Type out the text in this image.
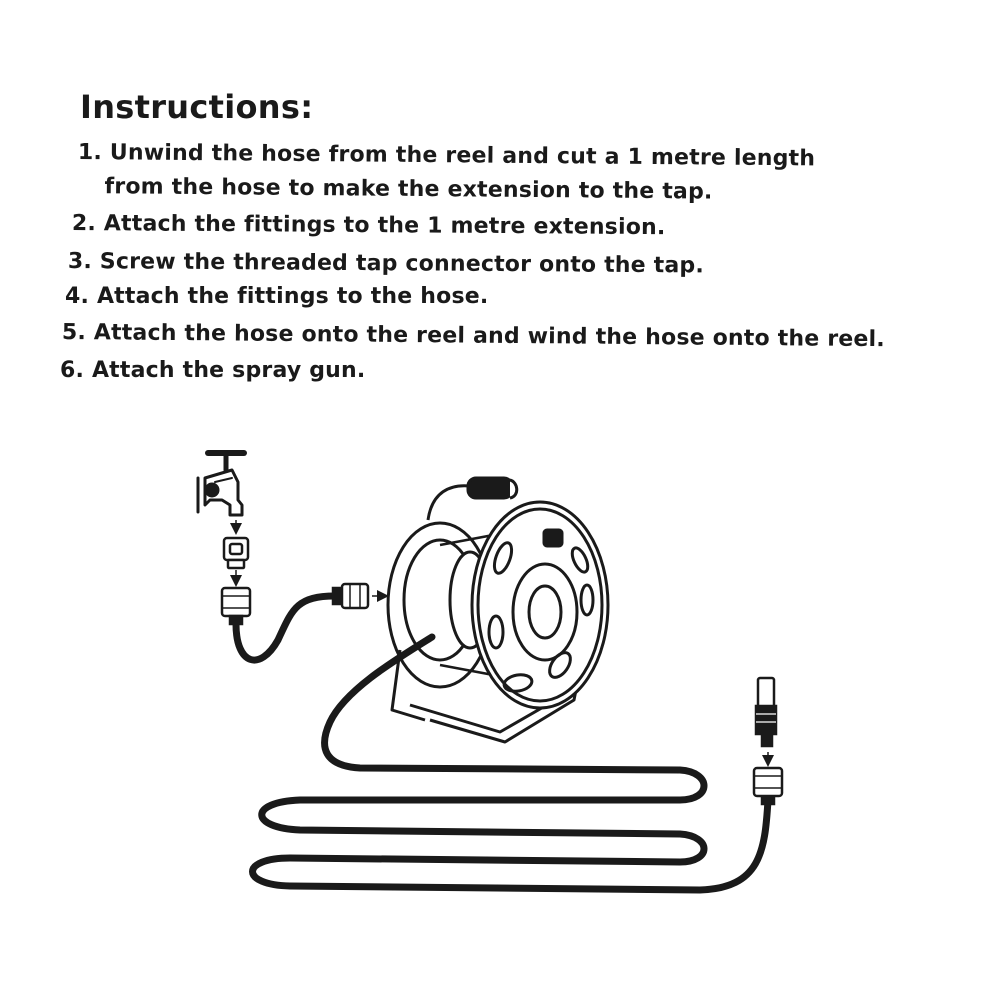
Instructions:
1. Unwind the hose from the reel and cut a 1 metre length
from the hose to make the extension to the tap.
2. Attach the fittings to the 1 metre extension.
3. Screw the threaded tap connector onto the tap.
4. Attach the fittings to the hose.
5. Attach the hose onto the reel and wind the hose onto the reel.
6. Attach the spray gun.
